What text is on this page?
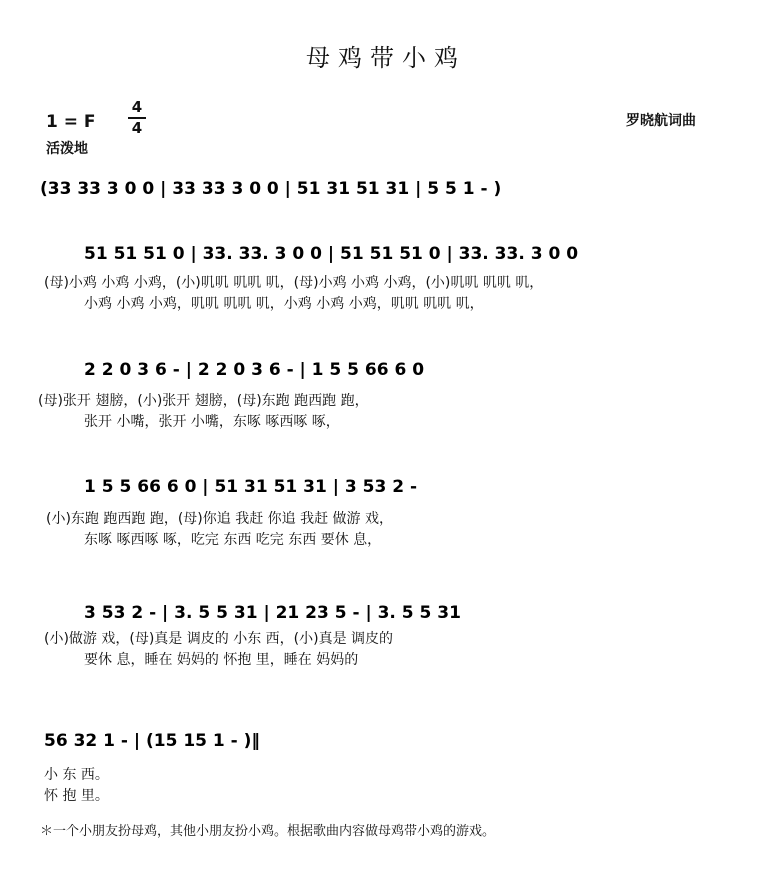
母鸡带小鸡
1 = F
4
4
活泼地
罗晓航词曲
(33 33 3 0 0 | 33 33 3 0 0 | 51 31 51 31 | 5 5 1 - )
51 51 51 0 | 33. 33. 3 0 0 | 51 51 51 0 | 33. 33. 3 0 0
(母)小鸡 小鸡 小鸡，(小)叽叽 叽叽 叽，(母)小鸡 小鸡 小鸡，(小)叽叽 叽叽 叽，
小鸡 小鸡 小鸡，叽叽 叽叽 叽，小鸡 小鸡 小鸡，叽叽 叽叽 叽，
2 2 0 3 6 - | 2 2 0 3 6 - | 1 5 5 66 6 0
(母)张开 翅膀，(小)张开 翅膀，(母)东跑 跑西跑 跑，
张开 小嘴，张开 小嘴，东啄 啄西啄 啄，
1 5 5 66 6 0 | 51 31 51 31 | 3 53 2 -
(小)东跑 跑西跑 跑，(母)你追 我赶 你追 我赶 做游 戏，
东啄 啄西啄 啄，吃完 东西 吃完 东西 要休 息，
3 53 2 - | 3. 5 5 31 | 21 23 5 - | 3. 5 5 31
(小)做游 戏，(母)真是 调皮的 小东 西，(小)真是 调皮的
要休 息，睡在 妈妈的 怀抱 里，睡在 妈妈的
56 32 1 - | (15 15 1 - )‖
小 东 西。
怀 抱 里。
＊一个小朋友扮母鸡，其他小朋友扮小鸡。根据歌曲内容做母鸡带小鸡的游戏。
